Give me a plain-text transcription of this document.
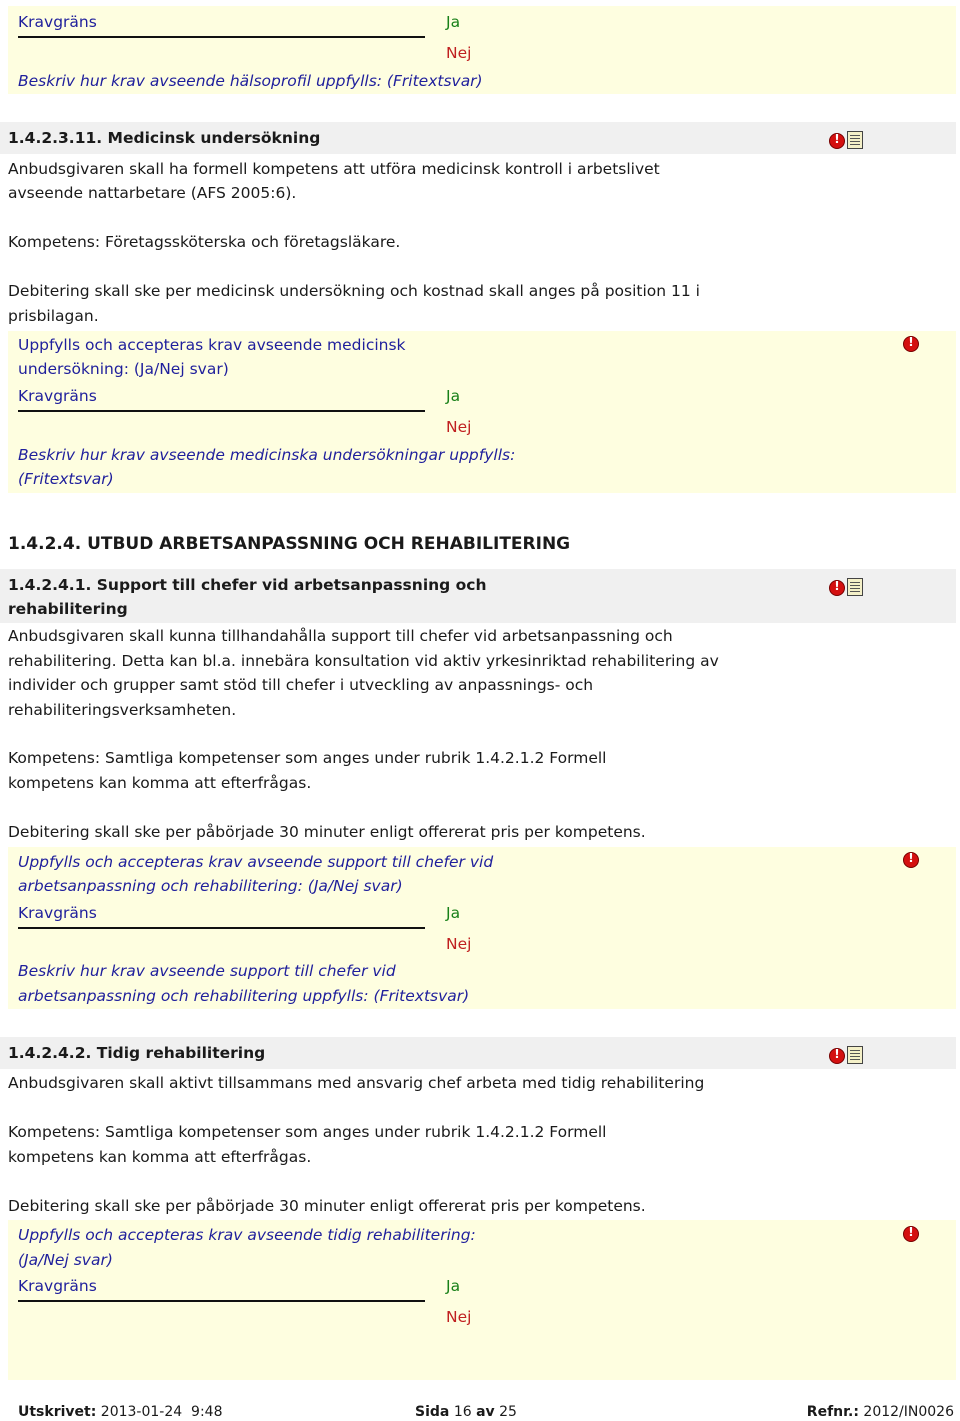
Kravgräns	Ja
Nej
Beskriv hur krav avseende hälsoprofil uppfylls: (Fritextsvar)
1.4.2.3.11. Medicinsk undersökning
!
Anbudsgivaren skall ha formell kompetens att utföra medicinsk kontroll i arbetslivet
avseende nattarbetare (AFS 2005:6).
Kompetens: Företagssköterska och företagsläkare.
Debitering skall ske per medicinsk undersökning och kostnad skall anges på position 11 i
prisbilagan.
!
Uppfylls och accepteras krav avseende medicinsk
undersökning: (Ja/Nej svar)
Kravgräns	Ja
Nej
Beskriv hur krav avseende medicinska undersökningar uppfylls:
(Fritextsvar)
1.4.2.4. UTBUD ARBETSANPASSNING OCH REHABILITERING
1.4.2.4.1. Support till chefer vid arbetsanpassning och
rehabilitering
!
Anbudsgivaren skall kunna tillhandahålla support till chefer vid arbetsanpassning och
rehabilitering. Detta kan bl.a. innebära konsultation vid aktiv yrkesinriktad rehabilitering av
individer och grupper samt stöd till chefer i utveckling av anpassnings- och
rehabiliteringsverksamheten.
Kompetens: Samtliga kompetenser som anges under rubrik 1.4.2.1.2 Formell
kompetens kan komma att efterfrågas.
Debitering skall ske per påbörjade 30 minuter enligt offererat pris per kompetens.
!
Uppfylls och accepteras krav avseende support till chefer vid
arbetsanpassning och rehabilitering: (Ja/Nej svar)
Kravgräns	Ja
Nej
Beskriv hur krav avseende support till chefer vid
arbetsanpassning och rehabilitering uppfylls: (Fritextsvar)
1.4.2.4.2. Tidig rehabilitering
!
Anbudsgivaren skall aktivt tillsammans med ansvarig chef arbeta med tidig rehabilitering
Kompetens: Samtliga kompetenser som anges under rubrik 1.4.2.1.2 Formell
kompetens kan komma att efterfrågas.
Debitering skall ske per påbörjade 30 minuter enligt offererat pris per kompetens.
!
Uppfylls och accepteras krav avseende tidig rehabilitering:
(Ja/Nej svar)
Kravgräns	Ja
Nej
Utskrivet: 2013-01-24  9:48	Sida 16 av 25	Refnr.: 2012/IN0026
